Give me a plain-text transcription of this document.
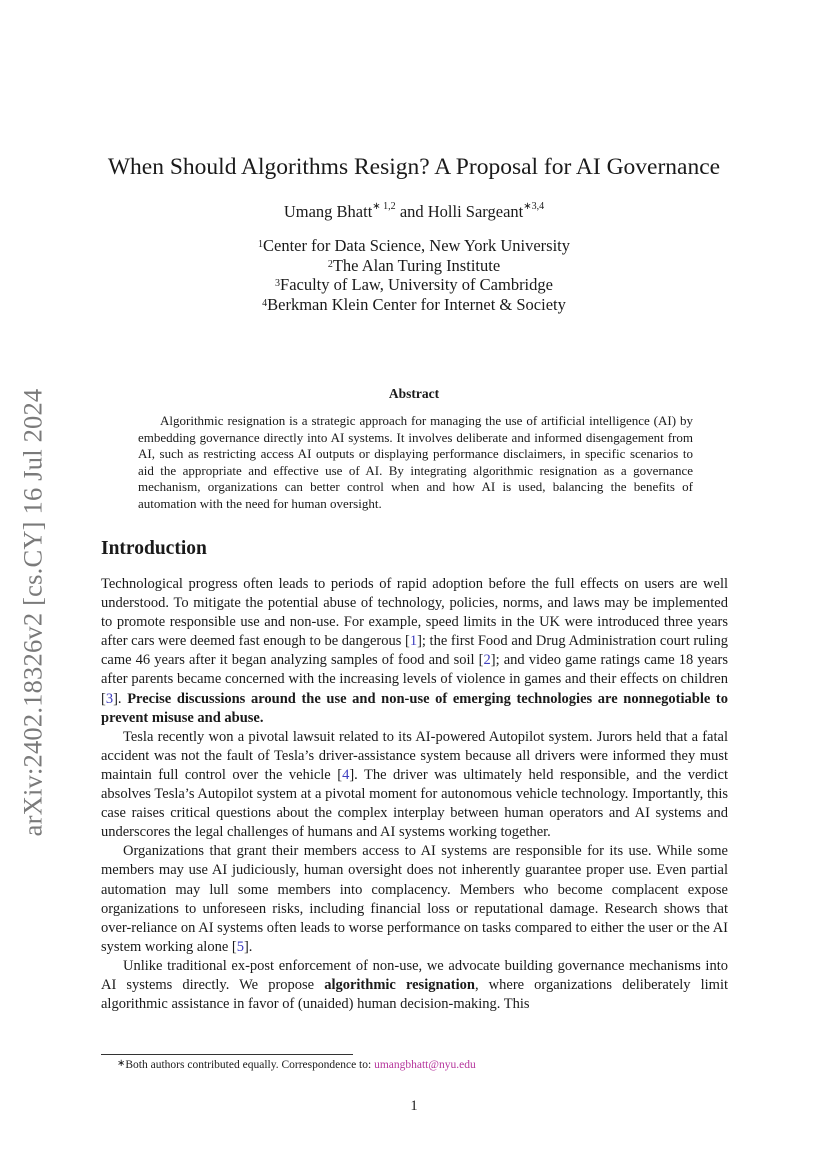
arXiv:2402.18326v2 [cs.CY] 16 Jul 2024
When Should Algorithms Resign? A Proposal for AI Governance
Umang Bhatt$^{∗ 1,2}$ and Holli Sargeant$^{∗3,4}$
$^1$Center for Data Science, New York University
$^2$The Alan Turing Institute
$^3$Faculty of Law, University of Cambridge
$^4$Berkman Klein Center for Internet & Society
Abstract

Algorithmic resignation is a strategic approach for managing the use of artificial intelligence (AI) by embedding governance directly into AI systems. It involves deliberate and informed disengagement from AI, such as restricting access AI outputs or displaying performance disclaimers, in specific scenarios to aid the appropriate and effective use of AI. By integrating algorithmic resignation as a governance mechanism, organizations can better control when and how AI is used, balancing the benefits of automation with the need for human oversight.

Introduction

Technological progress often leads to periods of rapid adoption before the full effects on users are well understood. To mitigate the potential abuse of technology, policies, norms, and laws may be implemented to promote responsible use and non-use. For example, speed limits in the UK were introduced three years after cars were deemed fast enough to be dangerous [1]; the first Food and Drug Administration court ruling came 46 years after it began analyzing samples of food and soil [2]; and video game ratings came 18 years after parents became concerned with the increasing levels of violence in games and their effects on children [3]. Precise discussions around the use and non-use of emerging technologies are nonnegotiable to prevent misuse and abuse.

Tesla recently won a pivotal lawsuit related to its AI-powered Autopilot system. Jurors held that a fatal accident was not the fault of Tesla’s driver-assistance system because all drivers were informed they must maintain full control over the vehicle [4]. The driver was ultimately held responsible, and the verdict absolves Tesla’s Autopilot system at a pivotal moment for autonomous vehicle technology. Importantly, this case raises critical questions about the complex interplay between human operators and AI systems and underscores the legal challenges of humans and AI systems working together.

Organizations that grant their members access to AI systems are responsible for its use. While some members may use AI judiciously, human oversight does not inherently guarantee proper use. Even partial automation may lull some members into complacency. Members who become complacent expose organizations to unforeseen risks, including financial loss or reputational damage. Research shows that over-reliance on AI systems often leads to worse performance on tasks compared to either the user or the AI system working alone [5].

Unlike traditional ex-post enforcement of non-use, we advocate building governance mechanisms into AI systems directly. We propose algorithmic resignation, where organizations deliberately limit algorithmic assistance in favor of (unaided) human decision-making. This

∗Both authors contributed equally. Correspondence to: umangbhatt@nyu.edu
1
